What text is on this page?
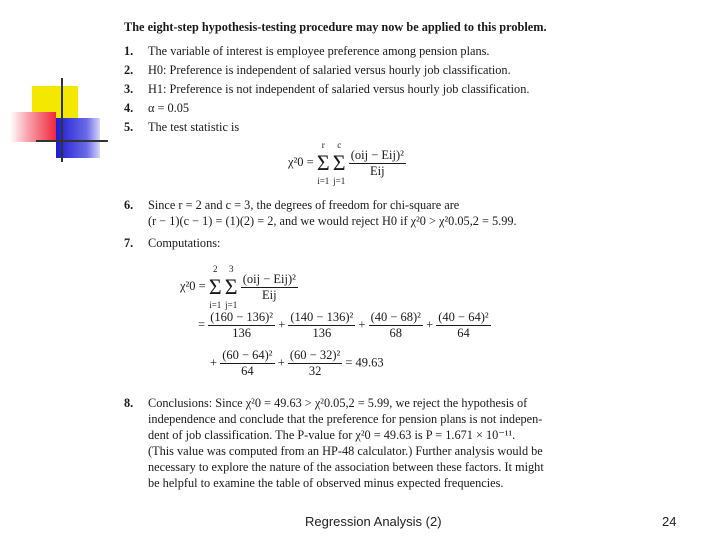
The eight-step hypothesis-testing procedure may now be applied to this problem.
1. The variable of interest is employee preference among pension plans.
2. H0: Preference is independent of salaried versus hourly job classification.
3. H1: Preference is not independent of salaried versus hourly job classification.
4. α = 0.05
5. The test statistic is
χ²0 =
r
Σ
i=1

c
Σ
j=1

$\frac{\text{(oij − Eij)²}}{\text{Eij}}$
6. Since r = 2 and c = 3, the degrees of freedom for chi-square are
(r − 1)(c − 1) = (1)(2) = 2, and we would reject H0 if χ²0 > χ²0.05,2 = 5.99.
7. Computations:
χ²0 =
2
Σ
i=1

3
Σ
j=1

$\frac{\text{(oij − Eij)²}}{\text{Eij}}$
= $\frac{\text{(160 − 136)²}}{136} + \frac{\text{(140 − 136)²}}{136} + \frac{\text{(40 − 68)²}}{68} + \frac{\text{(40 − 64)²}}{64}$
+ $\frac{\text{(60 − 64)²}}{64} + \frac{\text{(60 − 32)²}}{32} = 49.63$
8. Conclusions: Since χ²0 = 49.63 > χ²0.05,2 = 5.99, we reject the hypothesis of
independence and conclude that the preference for pension plans is not indepen-
dent of job classification. The P-value for χ²0 = 49.63 is P = 1.671 × 10⁻¹¹.
(This value was computed from an HP-48 calculator.) Further analysis would be
necessary to explore the nature of the association between these factors. It might
be helpful to examine the table of observed minus expected frequencies.
Regression Analysis (2)	24
